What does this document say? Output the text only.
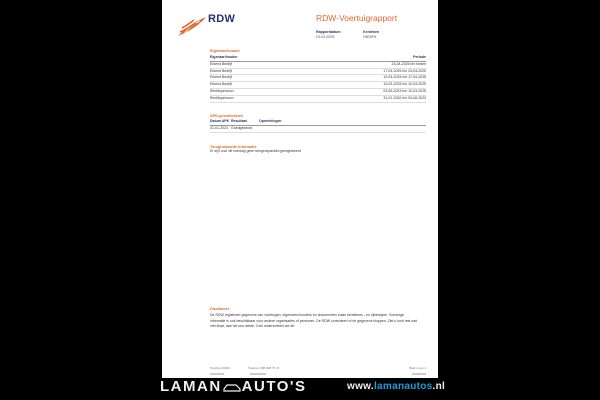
RDW	RDW-Voertuigrapport
Rapportdatum
23-04-2025

Kenteken
H809FH
Eigenaar/houder
Eigenaar/houder	Periode
Erkend Bedrijf	23-04-2025 t/m heden
Erkend Bedrijf	17-04-2025 t/m 23-04-2025
Erkend Bedrijf	10-03-2025 t/m 17-04-2025
Erkend Bedrijf	10-03-2025 t/m 10-03-2025
Rechtspersoon	03-06-2023 t/m 10-03-2025
Rechtspersoon	31-01-2020 t/m 03-06-2023
APK-geschiedenis
Datum APK Resultaat	Opmerkingen
31-01-2024 Goedgekeurd
Terugroepactie informatie
Er zijn voor dit voertuig geen terugroepacties geregistreerd
Disclaimer
De RDW registreert gegevens van voertuigen, eigenaren/houders en documenten zoals kentekens - en rijbewijzen. Sommige informatie is ook beschikbaar voor andere organisaties of personen. De RDW controleert of de gegevens kloppen. Ziet u toch iets wat niet klopt, laat het ons weten. Dan onderzoeken we dit.
Postbus 30000,	Telefoon 088 008 70 47	Blad 1 van 1
LAMAN AUTO'S	www.lamanautos.nl
